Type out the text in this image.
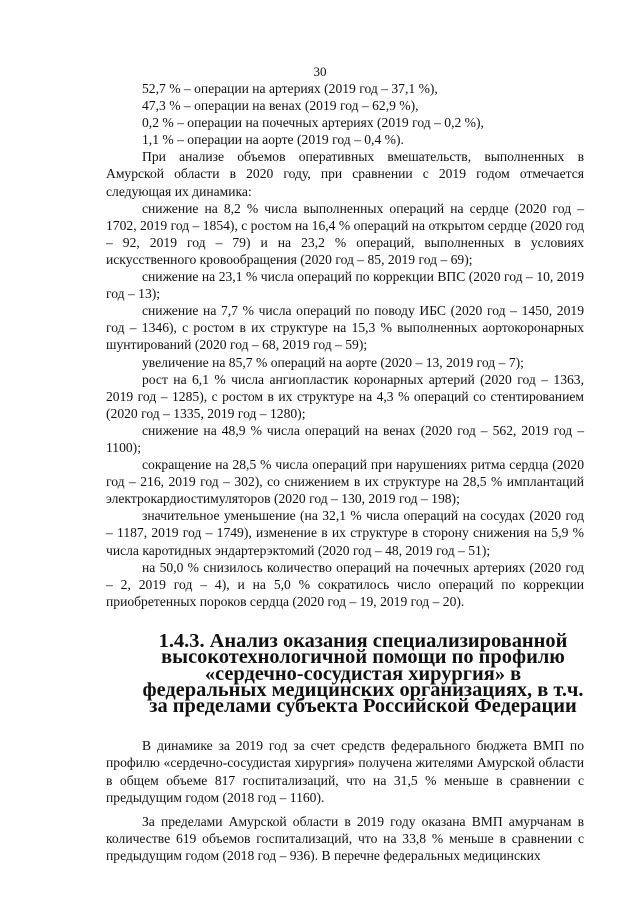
30

52,7 % – операции на артериях (2019 год – 37,1 %),

47,3 % – операции на венах (2019 год – 62,9 %),

0,2 % – операции на почечных артериях (2019 год – 0,2 %),

1,1 % – операции на аорте (2019 год – 0,4 %).

При анализе объемов оперативных вмешательств, выполненных в Амурской области в 2020 году, при сравнении с 2019 годом отмечается следующая их динамика:

снижение на 8,2 % числа выполненных операций на сердце (2020 год – 1702, 2019 год – 1854), с ростом на 16,4 % операций на открытом сердце (2020 год – 92, 2019 год – 79) и на 23,2 % операций, выполненных в условиях искусственного кровообращения (2020 год – 85, 2019 год – 69);

снижение на 23,1 % числа операций по коррекции ВПС (2020 год – 10, 2019 год – 13);

снижение на 7,7 % числа операций по поводу ИБС (2020 год – 1450, 2019 год – 1346), с ростом в их структуре на 15,3 % выполненных аортокоронарных шунтирований (2020 год – 68, 2019 год – 59);

увеличение на 85,7 % операций на аорте (2020 – 13, 2019 год – 7);

рост на 6,1 % числа ангиопластик коронарных артерий (2020 год – 1363, 2019 год – 1285), с ростом в их структуре на 4,3 % операций со стентированием (2020 год – 1335, 2019 год – 1280);

снижение на 48,9 % числа операций на венах (2020 год – 562, 2019 год – 1100);

сокращение на 28,5 % числа операций при нарушениях ритма сердца (2020 год – 216, 2019 год – 302), со снижением в их структуре на 28,5 % имплантаций электрокардиостимуляторов (2020 год – 130, 2019 год – 198);

значительное уменьшение (на 32,1 % числа операций на сосудах (2020 год – 1187, 2019 год – 1749), изменение в их структуре в сторону снижения на 5,9 % числа каротидных эндартерэктомий (2020 год – 48, 2019 год – 51);

на 50,0 % снизилось количество операций на почечных артериях (2020 год – 2, 2019 год – 4), и на 5,0 % сократилось число операций по коррекции приобретенных пороков сердца (2020 год – 19, 2019 год – 20).

1.4.3. Анализ оказания специализированной высокотехнологичной помощи по профилю «сердечно-сосудистая хирургия» в федеральных медицинских организациях, в т.ч. за пределами субъекта Российской Федерации

В динамике за 2019 год за счет средств федерального бюджета ВМП по профилю «сердечно-сосудистая хирургия» получена жителями Амурской области в общем объеме 817 госпитализаций, что на 31,5 % меньше в сравнении с предыдущим годом (2018 год – 1160).

За пределами Амурской области в 2019 году оказана ВМП амурчанам в количестве 619 объемов госпитализаций, что на 33,8 % меньше в сравнении с предыдущим годом (2018 год – 936). В перечне федеральных медицинских
